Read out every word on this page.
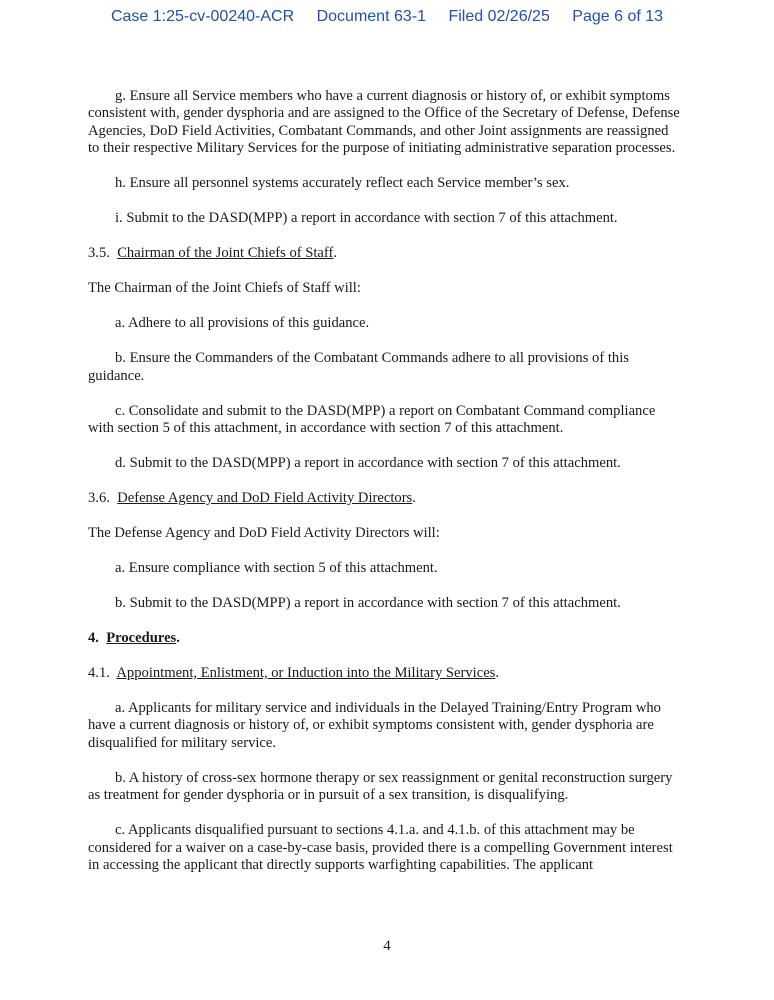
Case 1:25-cv-00240-ACR Document 63-1 Filed 02/26/25 Page 6 of 13

g. Ensure all Service members who have a current diagnosis or history of, or exhibit symptoms consistent with, gender dysphoria and are assigned to the Office of the Secretary of Defense, Defense Agencies, DoD Field Activities, Combatant Commands, and other Joint assignments are reassigned to their respective Military Services for the purpose of initiating administrative separation processes.

h. Ensure all personnel systems accurately reflect each Service member’s sex.

i. Submit to the DASD(MPP) a report in accordance with section 7 of this attachment.

3.5. Chairman of the Joint Chiefs of Staff.

The Chairman of the Joint Chiefs of Staff will:

a. Adhere to all provisions of this guidance.

b. Ensure the Commanders of the Combatant Commands adhere to all provisions of this guidance.

c. Consolidate and submit to the DASD(MPP) a report on Combatant Command compliance with section 5 of this attachment, in accordance with section 7 of this attachment.

d. Submit to the DASD(MPP) a report in accordance with section 7 of this attachment.

3.6. Defense Agency and DoD Field Activity Directors.

The Defense Agency and DoD Field Activity Directors will:

a. Ensure compliance with section 5 of this attachment.

b. Submit to the DASD(MPP) a report in accordance with section 7 of this attachment.

4. Procedures.

4.1. Appointment, Enlistment, or Induction into the Military Services.

a. Applicants for military service and individuals in the Delayed Training/Entry Program who have a current diagnosis or history of, or exhibit symptoms consistent with, gender dysphoria are disqualified for military service.

b. A history of cross-sex hormone therapy or sex reassignment or genital reconstruction surgery as treatment for gender dysphoria or in pursuit of a sex transition, is disqualifying.

c. Applicants disqualified pursuant to sections 4.1.a. and 4.1.b. of this attachment may be considered for a waiver on a case-by-case basis, provided there is a compelling Government interest in accessing the applicant that directly supports warfighting capabilities. The applicant

4
